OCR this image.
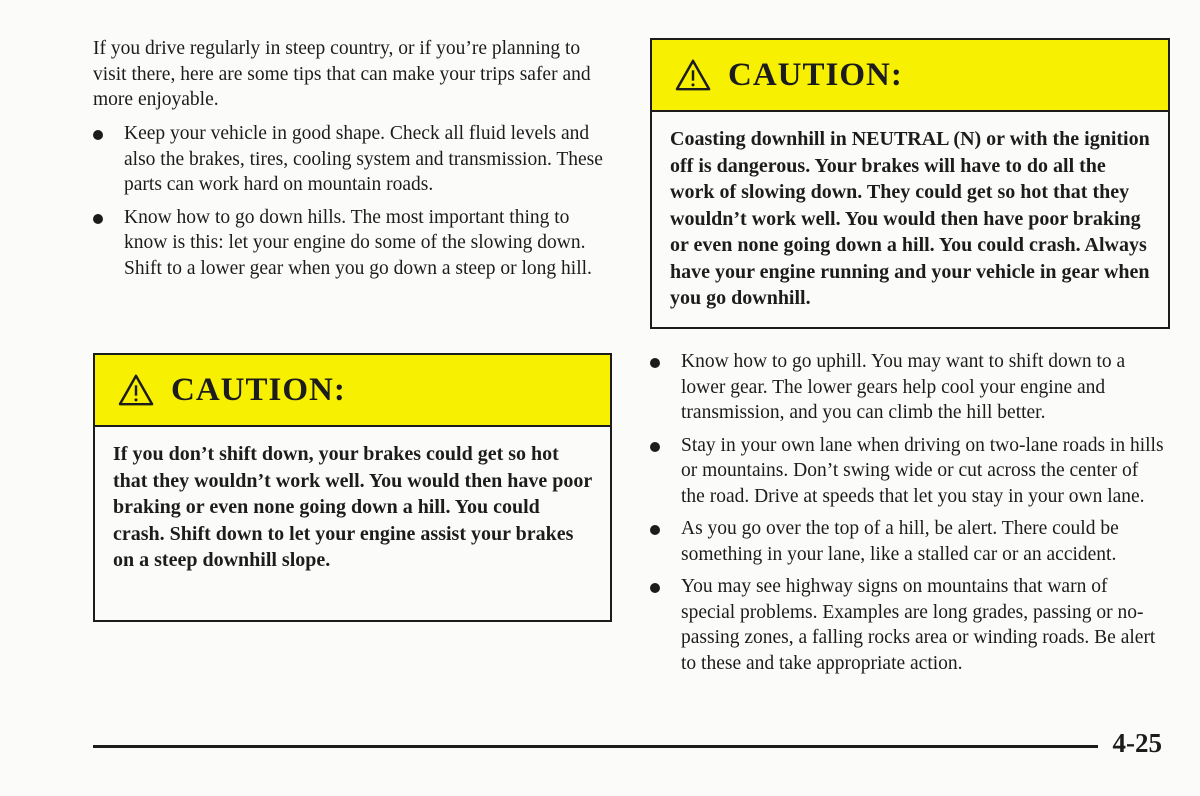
If you drive regularly in steep country, or if you’re planning to visit there, here are some tips that can make your trips safer and more enjoyable.

Keep your vehicle in good shape. Check all fluid levels and also the brakes, tires, cooling system and transmission. These parts can work hard on mountain roads.
Know how to go down hills. The most important thing to know is this: let your engine do some of the slowing down. Shift to a lower gear when you go down a steep or long hill.
CAUTION:
If you don’t shift down, your brakes could get so hot that they wouldn’t work well. You would then have poor braking or even none going down a hill. You could crash. Shift down to let your engine assist your brakes on a steep downhill slope.
CAUTION:
Coasting downhill in NEUTRAL (N) or with the ignition off is dangerous. Your brakes will have to do all the work of slowing down. They could get so hot that they wouldn’t work well. You would then have poor braking or even none going down a hill. You could crash. Always have your engine running and your vehicle in gear when you go downhill.
Know how to go uphill. You may want to shift down to a lower gear. The lower gears help cool your engine and transmission, and you can climb the hill better.
Stay in your own lane when driving on two-lane roads in hills or mountains. Don’t swing wide or cut across the center of the road. Drive at speeds that let you stay in your own lane.
As you go over the top of a hill, be alert. There could be something in your lane, like a stalled car or an accident.
You may see highway signs on mountains that warn of special problems. Examples are long grades, passing or no-passing zones, a falling rocks area or winding roads. Be alert to these and take appropriate action.
4-25
